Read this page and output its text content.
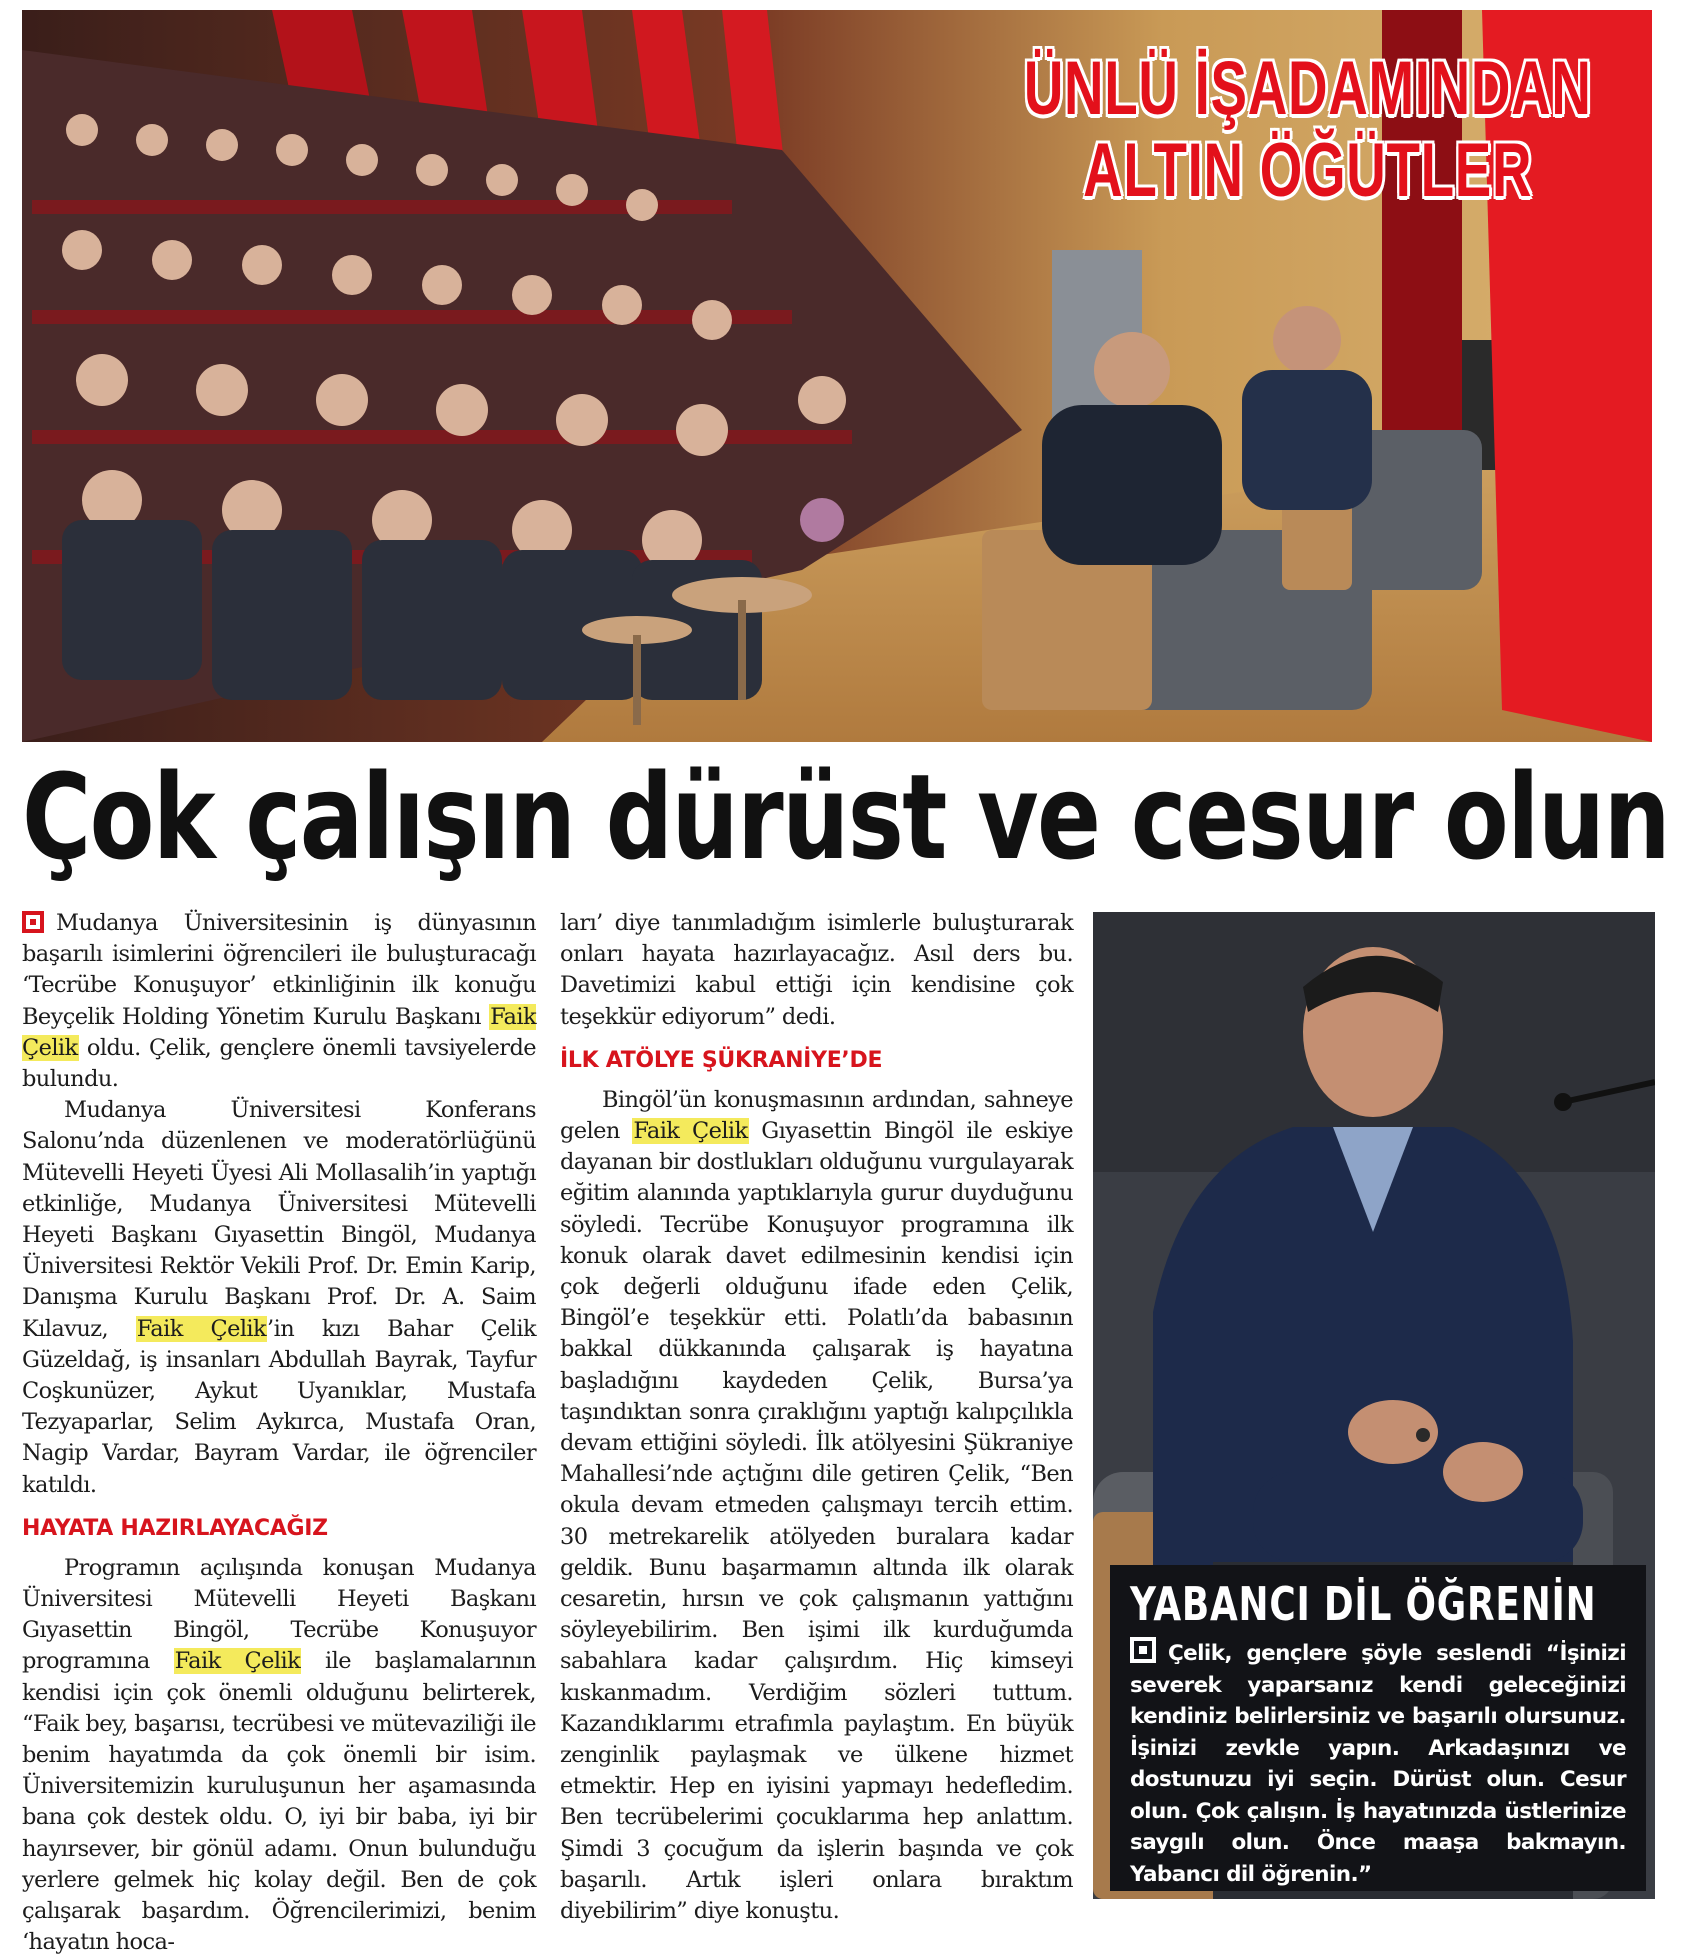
ÜNLÜ İŞADAMINDAN
ALTIN ÖĞÜTLER
Çok çalışın dürüst ve cesur olun

Mudanya Üniversitesinin iş dünyasının başarılı isimlerini öğrencileri ile buluşturacağı ‘Tecrübe Konuşuyor’ etkinliğinin ilk konuğu Beyçelik Holding Yönetim Kurulu Başkanı Faik Çelik oldu. Çelik, gençlere önemli tavsiyelerde bulundu.

Mudanya Üniversitesi Konferans Salonu’nda düzenlenen ve moderatörlüğünü Mütevelli Heyeti Üyesi Ali Mollasalih’in yaptığı etkinliğe, Mudanya Üniversitesi Mütevelli Heyeti Başkanı Gıyasettin Bingöl, Mudanya Üniversitesi Rektör Vekili Prof. Dr. Emin Karip, Danışma Kurulu Başkanı Prof. Dr. A. Saim Kılavuz, Faik Çelik’in kızı Bahar Çelik Güzeldağ, iş insanları Abdullah Bayrak, Tayfur Coşkunüzer, Aykut Uyanıklar, Mustafa Tezyaparlar, Selim Aykırca, Mustafa Oran, Nagip Vardar, Bayram Vardar, ile öğrenciler katıldı.

HAYATA HAZIRLAYACAĞIZ

Programın açılışında konuşan Mudanya Üniversitesi Mütevelli Heyeti Başkanı Gıyasettin Bingöl, Tecrübe Konuşuyor programına Faik Çelik ile başlamalarının kendisi için çok önemli olduğunu belirterek, “Faik bey, başarısı, tecrübesi ve mütevaziliği ile benim hayatımda da çok önemli bir isim. Üniversitemizin kuruluşunun her aşamasında bana çok destek oldu. O, iyi bir baba, iyi bir hayırsever, bir gönül adamı. Onun bulunduğu yerlere gelmek hiç kolay değil. Ben de çok çalışarak başardım. Öğrencilerimizi, benim ‘hayatın hoca-

ları’ diye tanımladığım isimlerle buluşturarak onları hayata hazırlayacağız. Asıl ders bu. Davetimizi kabul ettiği için kendisine çok teşekkür ediyorum” dedi.

İLK ATÖLYE ŞÜKRANİYE’DE

Bingöl’ün konuşmasının ardından, sahneye gelen Faik Çelik Gıyasettin Bingöl ile eskiye dayanan bir dostlukları olduğunu vurgulayarak eğitim alanında yaptıklarıyla gurur duyduğunu söyledi. Tecrübe Konuşuyor programına ilk konuk olarak davet edilmesinin kendisi için çok değerli olduğunu ifade eden Çelik, Bingöl’e teşekkür etti. Polatlı’da babasının bakkal dükkanında çalışarak iş hayatına başladığını kaydeden Çelik, Bursa’ya taşındıktan sonra çıraklığını yaptığı kalıpçılıkla devam ettiğini söyledi. İlk atölyesini Şükraniye Mahallesi’nde açtığını dile getiren Çelik, “Ben okula devam etmeden çalışmayı tercih ettim. 30 metrekarelik atölyeden buralara kadar geldik. Bunu başarmamın altında ilk olarak cesaretin, hırsın ve çok çalışmanın yattığını söyleyebilirim. Ben işimi ilk kurduğumda sabahlara kadar çalışırdım. Hiç kimseyi kıskanmadım. Verdiğim sözleri tuttum. Kazandıklarımı etrafımla paylaştım. En büyük zenginlik paylaşmak ve ülkene hizmet etmektir. Hep en iyisini yapmayı hedefledim. Ben tecrübelerimi çocuklarıma hep anlattım. Şimdi 3 çocuğum da işlerin başında ve çok başarılı. Artık işleri onlara bıraktım diyebilirim” diye konuştu.

YABANCI DİL ÖĞRENİN
Çelik, gençlere şöyle seslendi “İşinizi severek yaparsanız kendi geleceğinizi kendiniz belirlersiniz ve başarılı olursunuz. İşinizi zevkle yapın. Arkadaşınızı ve dostunuzu iyi seçin. Dürüst olun. Cesur olun. Çok çalışın. İş hayatınızda üstlerinize saygılı olun. Önce maaşa bakmayın. Yabancı dil öğrenin.”
